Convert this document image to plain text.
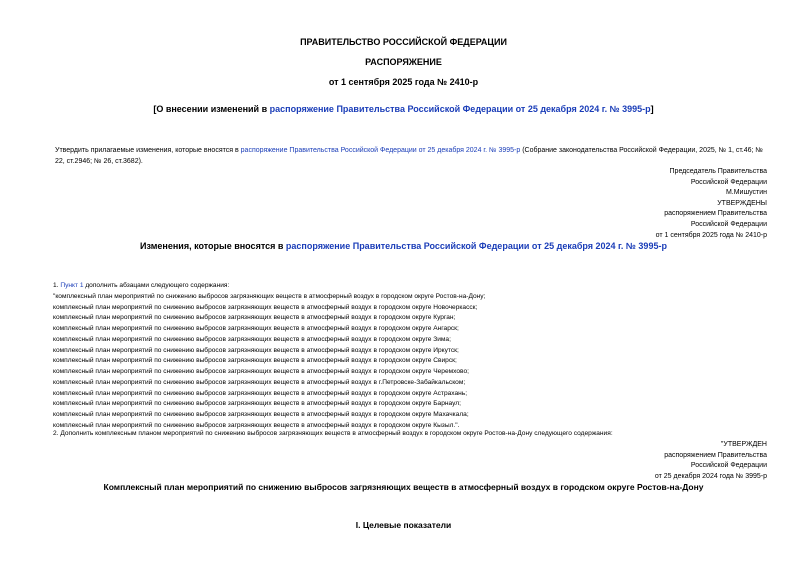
ПРАВИТЕЛЬСТВО РОССИЙСКОЙ ФЕДЕРАЦИИ
РАСПОРЯЖЕНИЕ
от 1 сентября 2025 года № 2410-р
[О внесении изменений в распоряжение Правительства Российской Федерации от 25 декабря 2024 г. № 3995-р]
Утвердить прилагаемые изменения, которые вносятся в распоряжение Правительства Российской Федерации от 25 декабря 2024 г. № 3995-р (Собрание законодательства Российской Федерации, 2025, № 1, ст.46; № 22, ст.2946; № 26, ст.3682).
Председатель Правительства
Российской Федерации
М.Мишустин
УТВЕРЖДЕНЫ
распоряжением Правительства
Российской Федерации
от 1 сентября 2025 года № 2410-р
Изменения, которые вносятся в распоряжение Правительства Российской Федерации от 25 декабря 2024 г. № 3995-р
1. Пункт 1 дополнить абзацами следующего содержания:
"комплексный план мероприятий по снижению выбросов загрязняющих веществ в атмосферный воздух в городском округе Ростов-на-Дону;
комплексный план мероприятий по снижению выбросов загрязняющих веществ в атмосферный воздух в городском округе Новочеркасск;
комплексный план мероприятий по снижению выбросов загрязняющих веществ в атмосферный воздух в городском округе Курган;
комплексный план мероприятий по снижению выбросов загрязняющих веществ в атмосферный воздух в городском округе Ангарск;
комплексный план мероприятий по снижению выбросов загрязняющих веществ в атмосферный воздух в городском округе Зима;
комплексный план мероприятий по снижению выбросов загрязняющих веществ в атмосферный воздух в городском округе Иркутск;
комплексный план мероприятий по снижению выбросов загрязняющих веществ в атмосферный воздух в городском округе Свирск;
комплексный план мероприятий по снижению выбросов загрязняющих веществ в атмосферный воздух в городском округе Черемхово;
комплексный план мероприятий по снижению выбросов загрязняющих веществ в атмосферный воздух в г.Петровске-Забайкальском;
комплексный план мероприятий по снижению выбросов загрязняющих веществ в атмосферный воздух в городском округе Астрахань;
комплексный план мероприятий по снижению выбросов загрязняющих веществ в атмосферный воздух в городском округе Барнаул;
комплексный план мероприятий по снижению выбросов загрязняющих веществ в атмосферный воздух в городском округе Махачкала;
комплексный план мероприятий по снижению выбросов загрязняющих веществ в атмосферный воздух в городском округе Кызыл.".
2. Дополнить комплексным планом мероприятий по снижению выбросов загрязняющих веществ в атмосферный воздух в городском округе Ростов-на-Дону следующего содержания:
"УТВЕРЖДЕН
распоряжением Правительства
Российской Федерации
от 25 декабря 2024 года № 3995-р
Комплексный план мероприятий по снижению выбросов загрязняющих веществ в атмосферный воздух в городском округе Ростов-на-Дону
I. Целевые показатели
